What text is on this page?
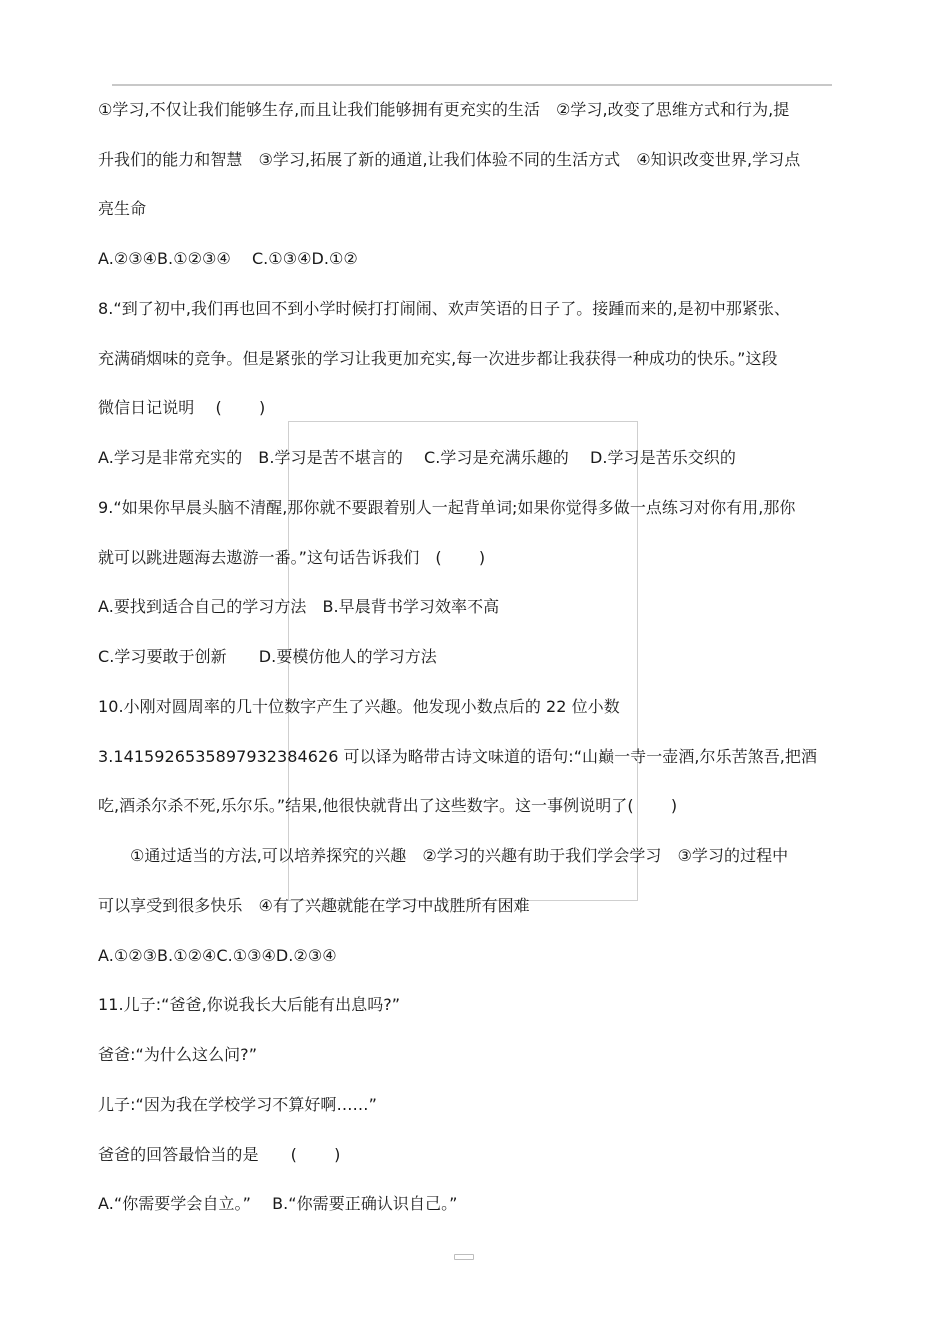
①学习,不仅让我们能够生存,而且让我们能够拥有更充实的生活　②学习,改变了思维方式和行为,提
升我们的能力和智慧　③学习,拓展了新的通道,让我们体验不同的生活方式　④知识改变世界,学习点
亮生命
A.②③④B.①②③④　 C.①③④D.①②
8.“到了初中,我们再也回不到小学时候打打闹闹、欢声笑语的日子了。接踵而来的,是初中那紧张、
充满硝烟味的竞争。但是紧张的学习让我更加充实,每一次进步都让我获得一种成功的快乐。”这段
微信日记说明　 (　　 )
A.学习是非常充实的　B.学习是苦不堪言的　 C.学习是充满乐趣的　 D.学习是苦乐交织的
9.“如果你早晨头脑不清醒,那你就不要跟着别人一起背单词;如果你觉得多做一点练习对你有用,那你
就可以跳进题海去遨游一番。”这句话告诉我们　(　　 )
A.要找到适合自己的学习方法　B.早晨背书学习效率不高
C.学习要敢于创新　　D.要模仿他人的学习方法
10.小刚对圆周率的几十位数字产生了兴趣。他发现小数点后的 22 位小数
3.1415926535897932384626 可以译为略带古诗文味道的语句:“山巅一寺一壶酒,尔乐苦煞吾,把酒
吃,酒杀尔杀不死,乐尔乐。”结果,他很快就背出了这些数字。这一事例说明了(　　 )
①通过适当的方法,可以培养探究的兴趣　②学习的兴趣有助于我们学会学习　③学习的过程中
可以享受到很多快乐　④有了兴趣就能在学习中战胜所有困难
A.①②③B.①②④C.①③④D.②③④
11.儿子:“爸爸,你说我长大后能有出息吗?”
爸爸:“为什么这么问?”
儿子:“因为我在学校学习不算好啊……”
爸爸的回答最恰当的是　　(　　 )
A.“你需要学会自立。”　 B.“你需要正确认识自己。”
